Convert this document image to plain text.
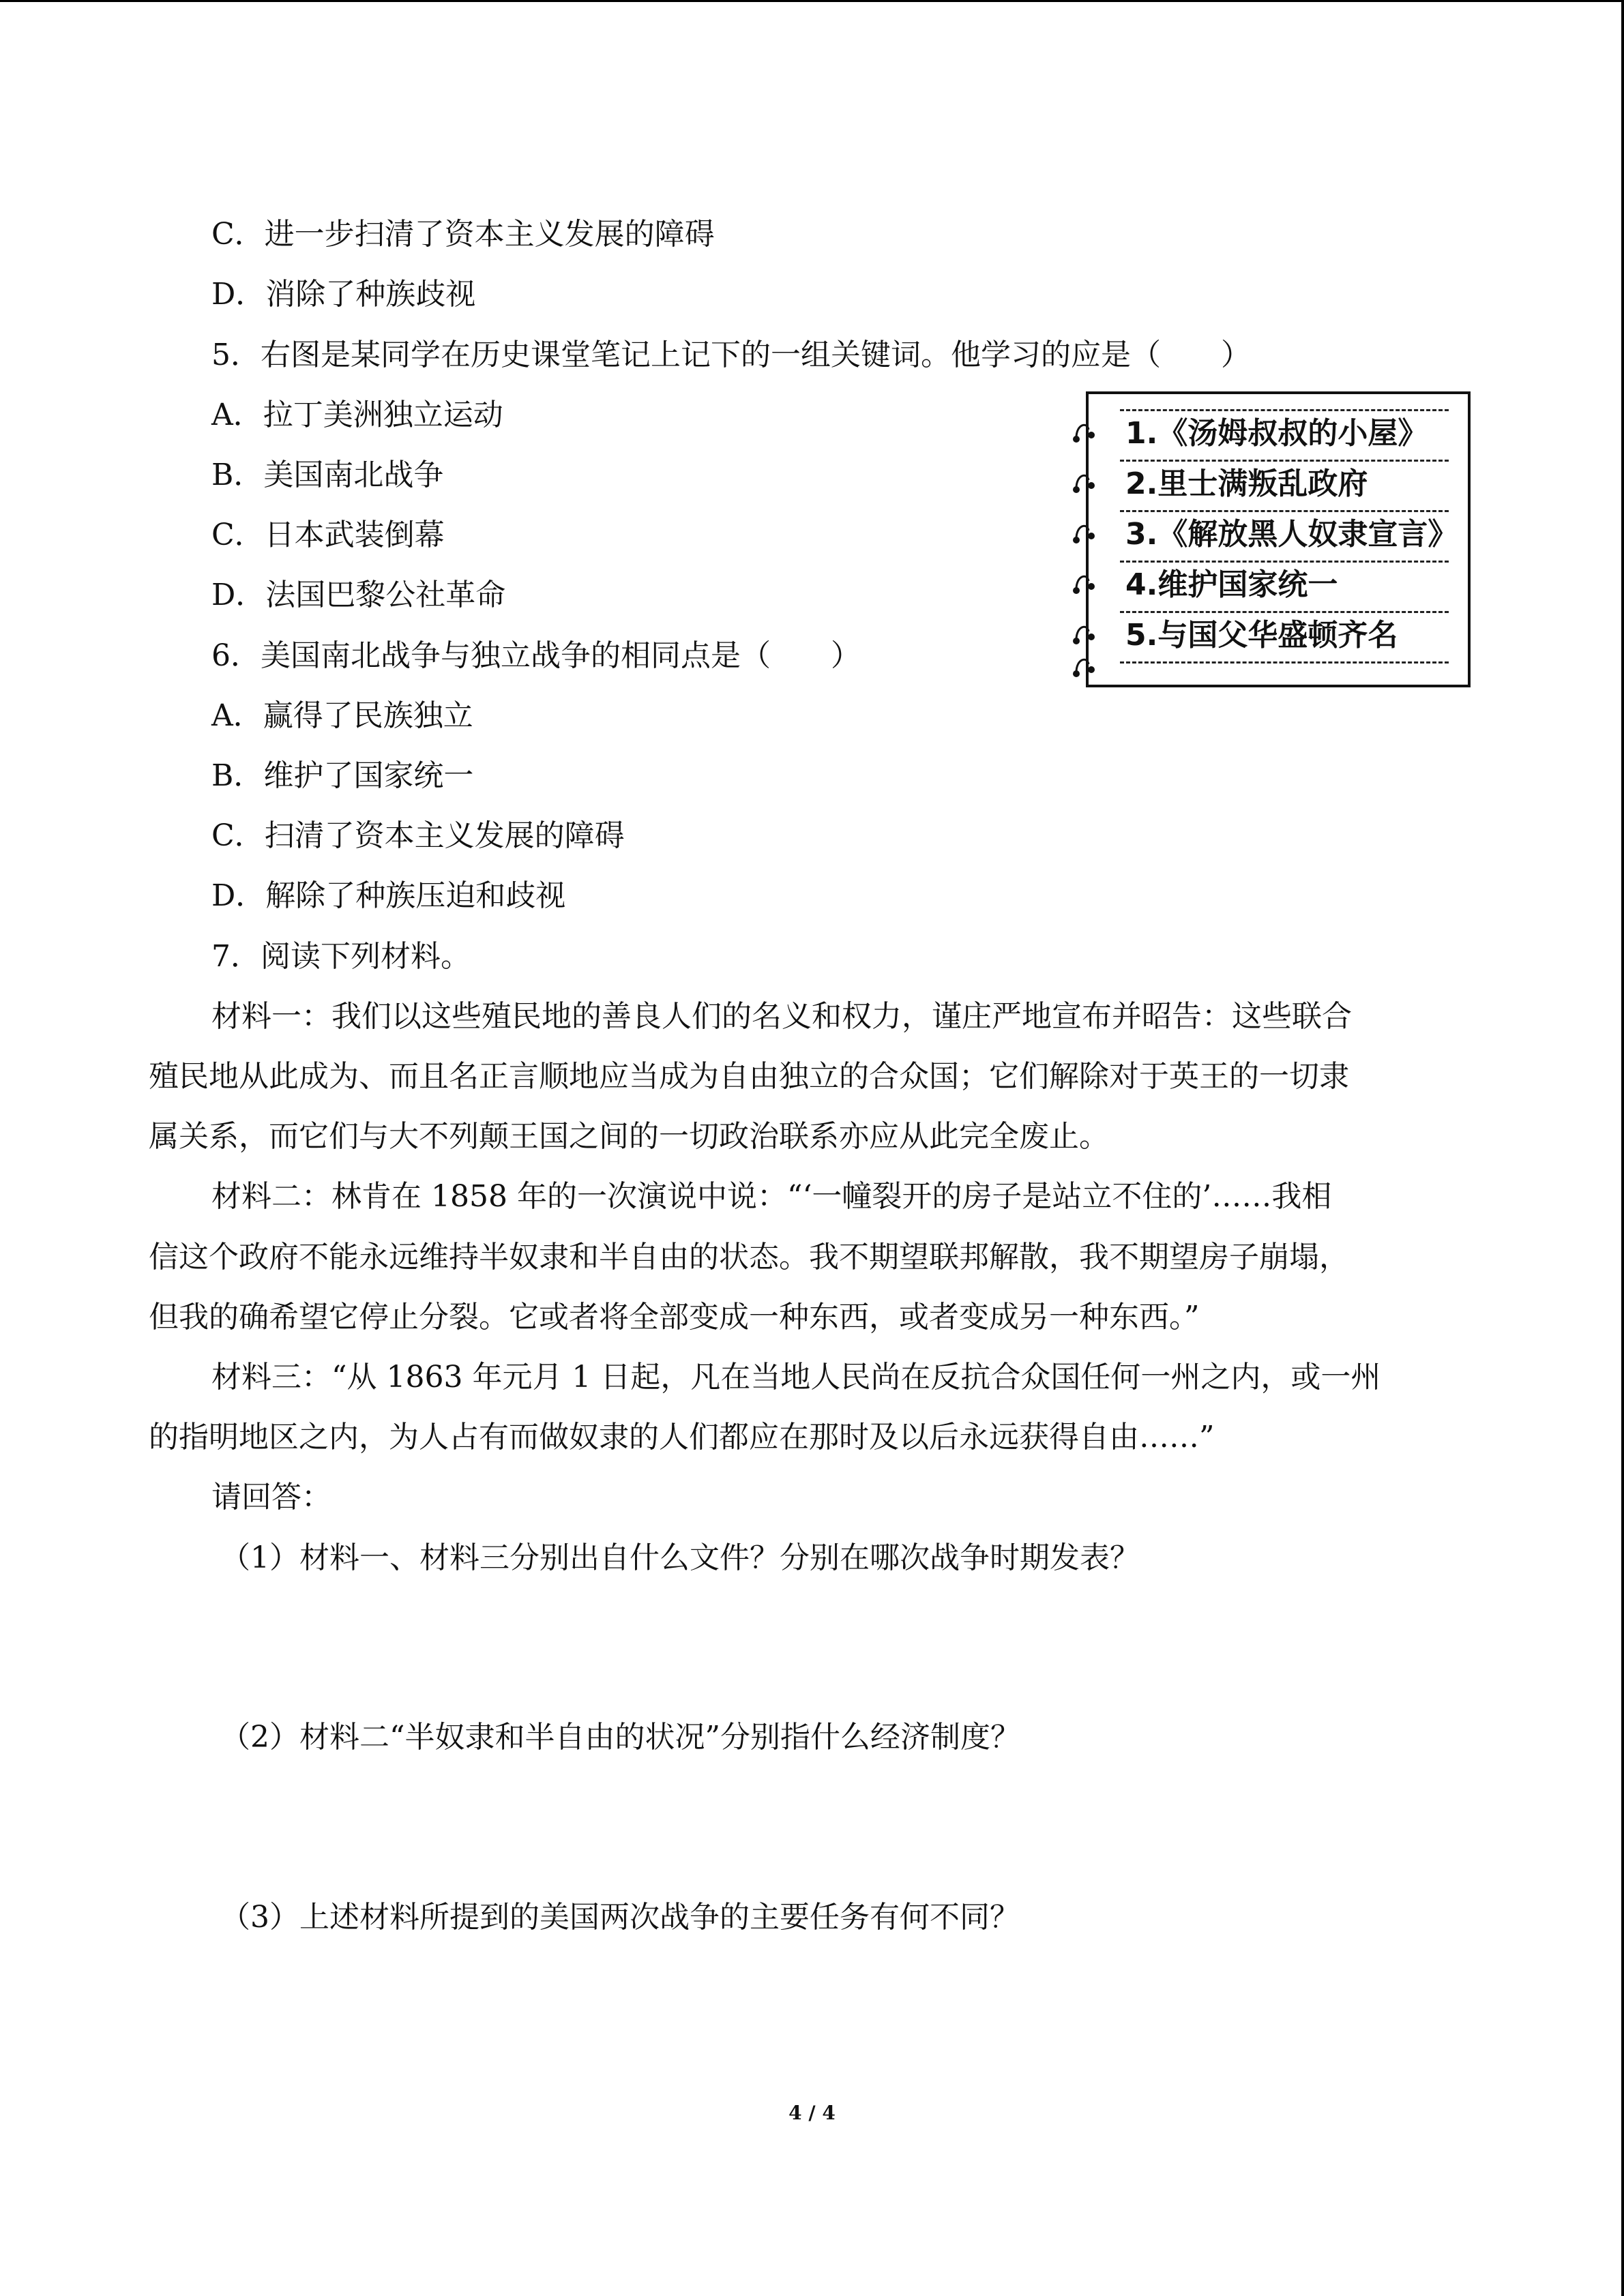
C．进一步扫清了资本主义发展的障碍
D．消除了种族歧视
5．右图是某同学在历史课堂笔记上记下的一组关键词。他学习的应是（　　）
A．拉丁美洲独立运动
B．美国南北战争
C．日本武装倒幕
D．法国巴黎公社革命
6．美国南北战争与独立战争的相同点是（　　）
A．赢得了民族独立
B．维护了国家统一
C．扫清了资本主义发展的障碍
D．解除了种族压迫和歧视
7．阅读下列材料。
材料一：我们以这些殖民地的善良人们的名义和权力，谨庄严地宣布并昭告：这些联合
殖民地从此成为、而且名正言顺地应当成为自由独立的合众国；它们解除对于英王的一切隶
属关系，而它们与大不列颠王国之间的一切政治联系亦应从此完全废止。
材料二：林肯在 1858 年的一次演说中说：“‘一幢裂开的房子是站立不住的’……我相
信这个政府不能永远维持半奴隶和半自由的状态。我不期望联邦解散，我不期望房子崩塌，
但我的确希望它停止分裂。它或者将全部变成一种东西，或者变成另一种东西。”
材料三：“从 1863 年元月 1 日起，凡在当地人民尚在反抗合众国任何一州之内，或一州
的指明地区之内，为人占有而做奴隶的人们都应在那时及以后永远获得自由……”
请回答：
（1）材料一、材料三分别出自什么文件？分别在哪次战争时期发表？
（2）材料二“半奴隶和半自由的状况”分别指什么经济制度？
（3）上述材料所提到的美国两次战争的主要任务有何不同？
1.《汤姆叔叔的小屋》
2.里士满叛乱政府
3.《解放黑人奴隶宣言》
4.维护国家统一
5.与国父华盛顿齐名
4 / 4
